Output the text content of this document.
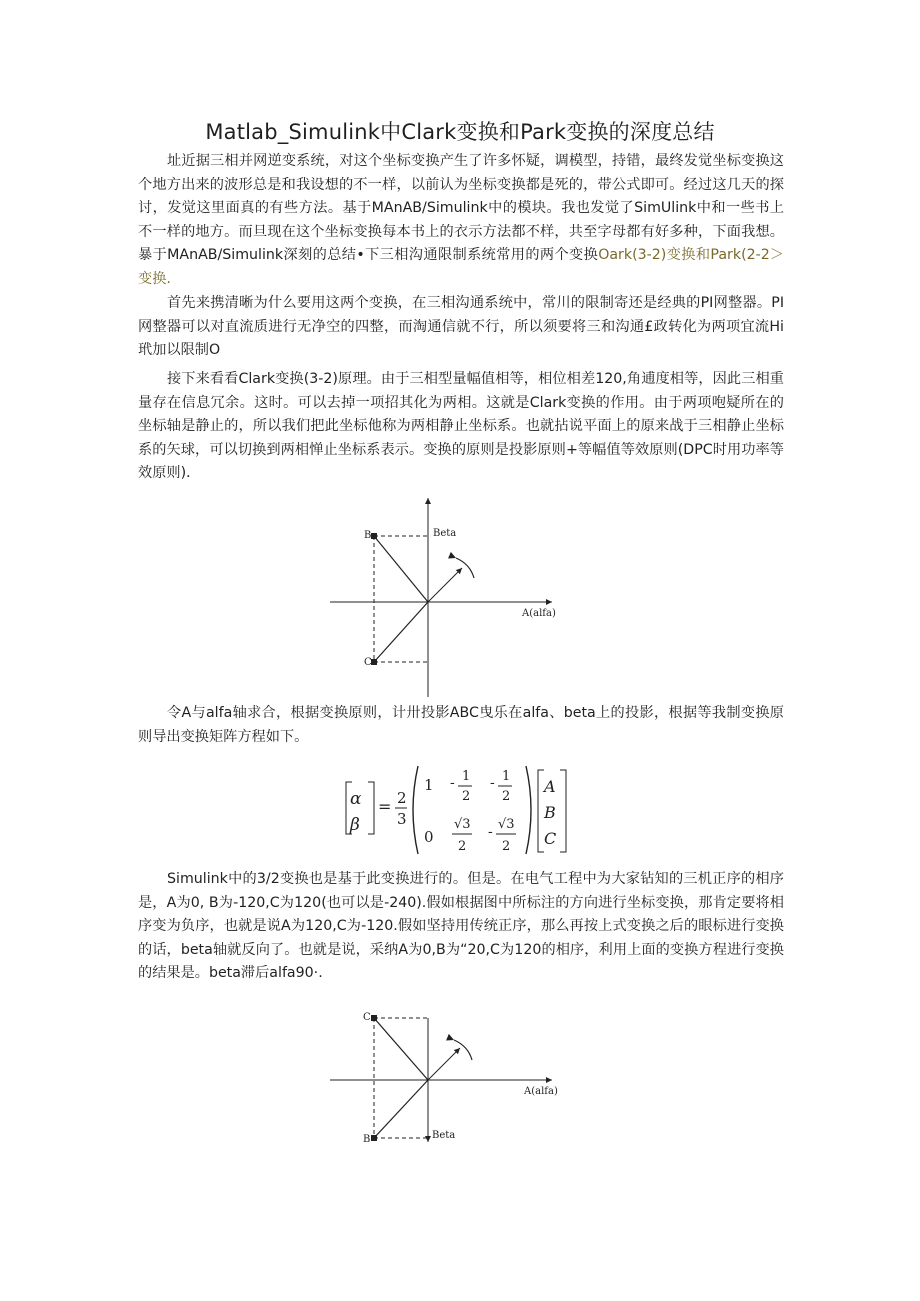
Matlab_Simulink中Clark变换和Park变换的深度总结

址近据三相并网逆变系统，对这个坐标变换产生了许多怀疑，调模型，持错，最终发觉坐标变换这个地方出来的波形总是和我设想的不一样，以前认为坐标变换都是死的，带公式即可。经过这几天的探讨，发觉这里面真的有些方法。基于MAnAB/Simulink中的模块。我也发觉了SimUlink中和一些书上不一样的地方。而旦现在这个坐标变换每本书上的衣示方法都不样，共至字母都有好多种，下面我想。暴于MAnAB/Simulink深刻的总结•下三相沟通限制系统常用的两个变换Oark(3-2)变换和Park(2-2＞变换.

首先来携清晰为什么要用这两个变换，在三相沟通系统中，常川的限制寄还是经典的PI网整器。PI网整器可以对直流质进行无净空的四整，而淘通信就不行，所以须要将三和沟通£政转化为两项宜流Hi玳加以限制O

接下来看看Clark变换(3-2)原理。由于三相型量幅值相等，相位相差120,角逋度相等，因此三相重量存在信息冗余。这时。可以去掉一项招其化为两相。这就是Clark变换的作用。由于两项咆疑所在的坐标轴是静止的，所以我们把此坐标他称为两相静止坐标系。也就拈说平面上的原来战于三相静止坐标系的矢球，可以切换到两相惮止坐标系表示。变换的原则是投影原则+等幅值等效原则(DPC时用功率等效原则)．

Beta
A(alfa)
B
C

令A与alfa轴求合，根据变换原则，计卅投影ABC曳乐在alfa、beta上的投影，根据等我制变换原则导出变换矩阵方程如下。

α
β
= 2
3
1 - 1
2
- 1
2
0
√3
2
- √3
2
A
B
C

Simulink中的3/2变换也是基于此变换进行的。但是。在电气工程中为大家钻知的三机正序的相序是，A为0, B为-120,C为120(也可以是-240).假如根据图中所标注的方向进行坐标变换，那肯定要将相序变为负序，也就是说A为120,C为-120.假如坚持用传统正序，那么再按上式变换之后的眼标进行变换的话，beta轴就反向了。也就是说，采纳A为0,B为“20,C为120的相序，利用上面的变换方程进行变换的结果是。beta滞后alfa90·.

Beta
A(alfa)
B
C
